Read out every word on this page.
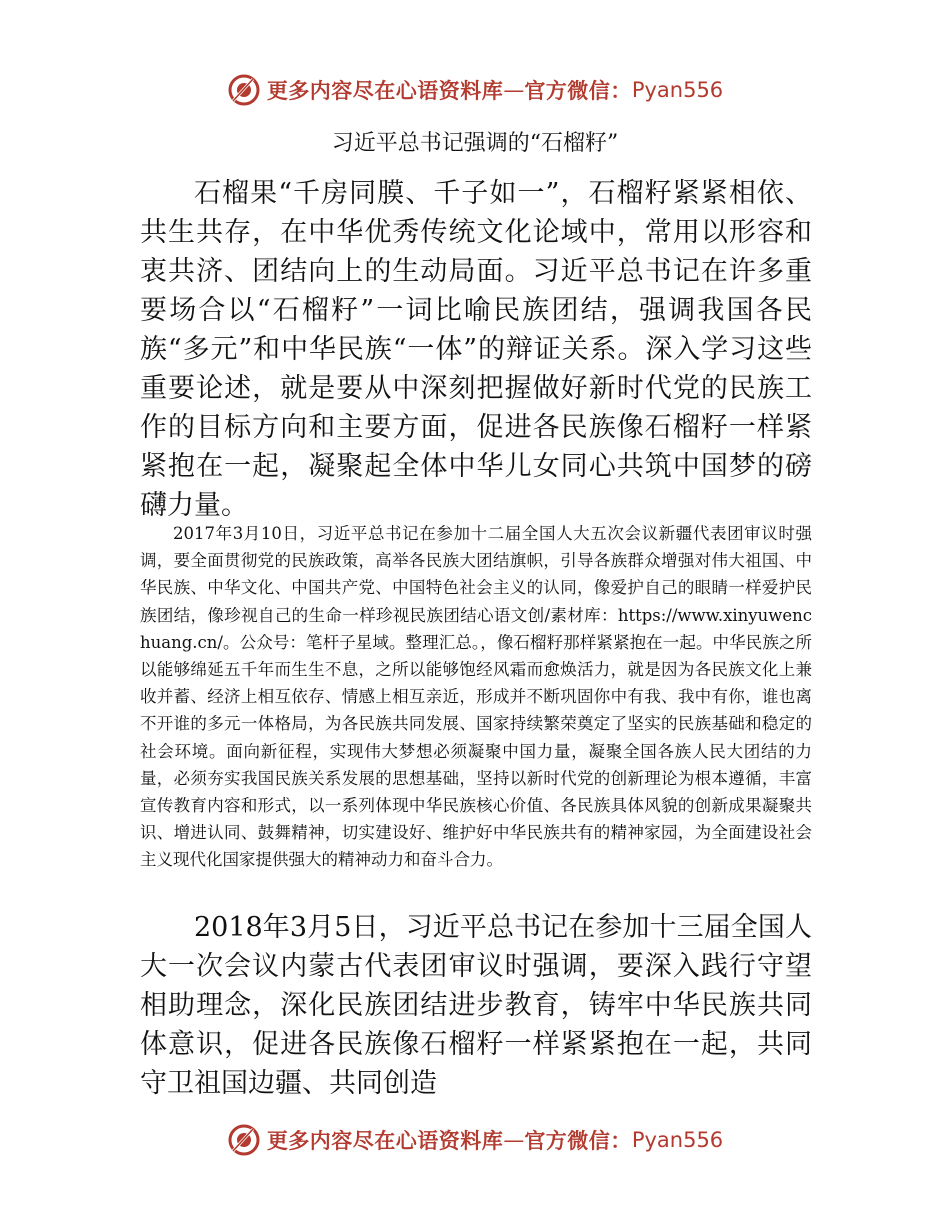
更多内容尽在心语资料库 — 官方微信： Pyan556
习近平总书记强调的“石榴籽”

石榴果“千房同膜、千子如一”，石榴籽紧紧相依、共生共存，在中华优秀传统文化论域中，常用以形容和衷共济、团结向上的生动局面。习近平总书记在许多重要场合以“石榴籽”一词比喻民族团结，强调我国各民族“多元”和中华民族“一体”的辩证关系。深入学习这些重要论述，就是要从中深刻把握做好新时代党的民族工作的目标方向和主要方面，促进各民族像石榴籽一样紧紧抱在一起，凝聚起全体中华儿女同心共筑中国梦的磅礴力量。

2017年3月10日，习近平总书记在参加十二届全国人大五次会议新疆代表团审议时强调，要全面贯彻党的民族政策，高举各民族大团结旗帜，引导各族群众增强对伟大祖国、中华民族、中华文化、中国共产党、中国特色社会主义的认同，像爱护自己的眼睛一样爱护民族团结，像珍视自己的生命一样珍视民族团结心语文创/素材库：https://www.xinyuwenchuang.cn/。公众号：笔杆子星域。整理汇总。，像石榴籽那样紧紧抱在一起。中华民族之所以能够绵延五千年而生生不息，之所以能够饱经风霜而愈焕活力，就是因为各民族文化上兼收并蓄、经济上相互依存、情感上相互亲近，形成并不断巩固你中有我、我中有你，谁也离不开谁的多元一体格局，为各民族共同发展、国家持续繁荣奠定了坚实的民族基础和稳定的社会环境。面向新征程，实现伟大梦想必须凝聚中国力量，凝聚全国各族人民大团结的力量，必须夯实我国民族关系发展的思想基础，坚持以新时代党的创新理论为根本遵循，丰富宣传教育内容和形式，以一系列体现中华民族核心价值、各民族具体风貌的创新成果凝聚共识、增进认同、鼓舞精神，切实建设好、维护好中华民族共有的精神家园，为全面建设社会主义现代化国家提供强大的精神动力和奋斗合力。

2018年3月5日，习近平总书记在参加十三届全国人大一次会议内蒙古代表团审议时强调，要深入践行守望相助理念，深化民族团结进步教育，铸牢中华民族共同体意识，促进各民族像石榴籽一样紧紧抱在一起，共同守卫祖国边疆、共同创造

更多内容尽在心语资料库 — 官方微信： Pyan556
